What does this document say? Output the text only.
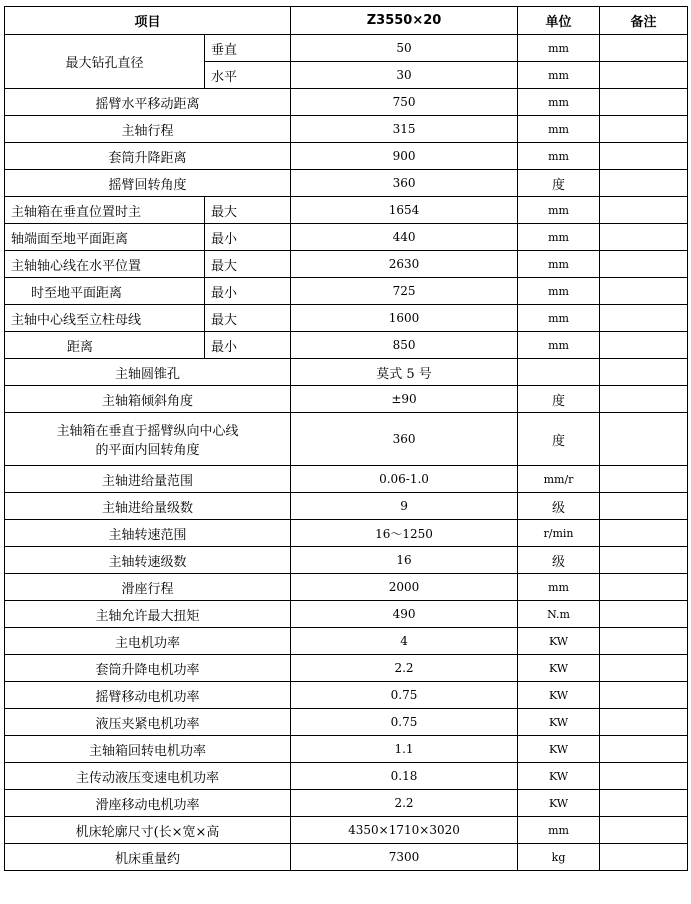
项目		Z3550×20	单位	备注
最大钻孔直径	垂直	50	mm	
	水平	30	mm	
摇臂水平移动距离		750	mm	
主轴行程		315	mm	
套筒升降距离		900	mm	
摇臂回转角度		360	度	
主轴箱在垂直位置时主	最大	1654	mm	
轴端面至地平面距离	最小	440	mm	
主轴轴心线在水平位置	最大	2630	mm	
时至地平面距离	最小	725	mm	
主轴中心线至立柱母线	最大	1600	mm	
距离	最小	850	mm	
主轴圆锥孔		莫式 5 号		
主轴箱倾斜角度		±90	度	

主轴箱在垂直于摇臂纵向中心线
的平面内回转角度		360	度	
主轴进给量范围		0.06-1.0	mm/r	
主轴进给量级数		9	级	
主轴转速范围		16～1250	r/min	
主轴转速级数		16	级	
滑座行程		2000	mm	
主轴允许最大扭矩		490	N.m	
主电机功率		4	KW	
套筒升降电机功率		2.2	KW	
摇臂移动电机功率		0.75	KW	
液压夹紧电机功率		0.75	KW	
主轴箱回转电机功率		1.1	KW	
主传动液压变速电机功率		0.18	KW	
滑座移动电机功率		2.2	KW	
机床轮廓尺寸(长×宽×高		4350×1710×3020	mm	
机床重量约		7300	kg	
